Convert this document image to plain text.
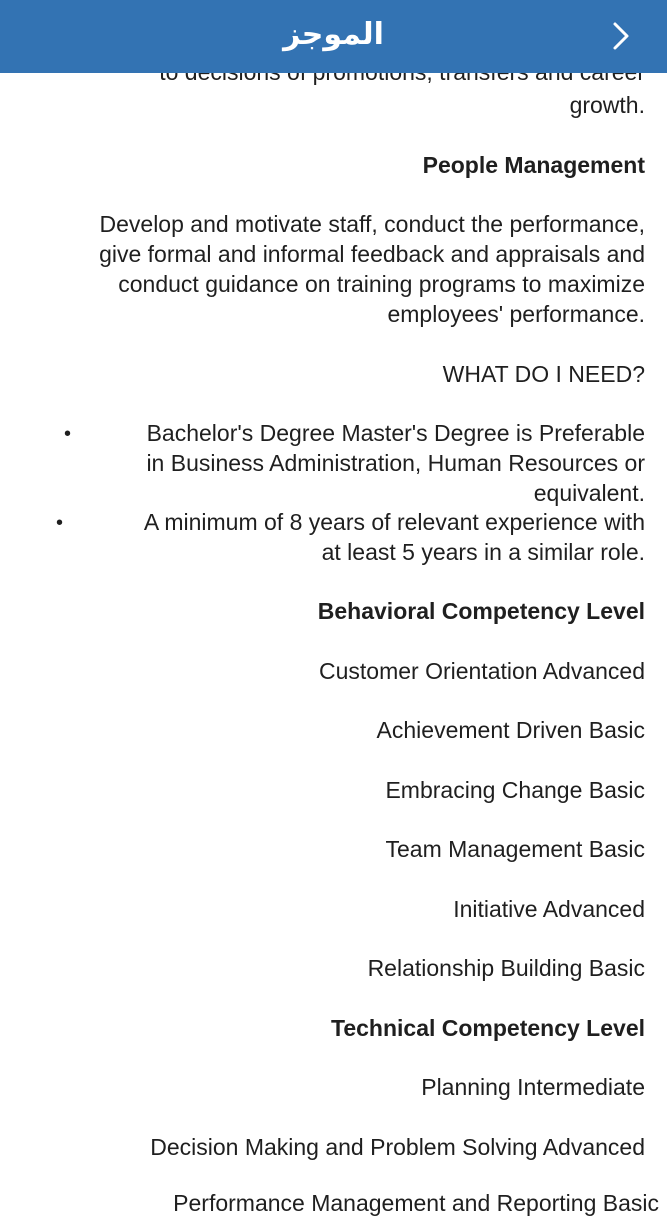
growth.

People Management

Develop and motivate staff, conduct the performance,

give formal and informal feedback and appraisals and

conduct guidance on training programs to maximize

employees' performance.

WHAT DO I NEED?

Bachelor's Degree Master's Degree is Preferable

•

in Business Administration, Human Resources or

equivalent.

A minimum of 8 years of relevant experience with

•

at least 5 years in a similar role.

Behavioral Competency Level

Customer Orientation Advanced

Achievement Driven Basic

Embracing Change Basic

Team Management Basic

Initiative Advanced

Relationship Building Basic

Technical Competency Level

Planning Intermediate

Decision Making and Problem Solving Advanced

Performance Management and Reporting Basic

الموجز
